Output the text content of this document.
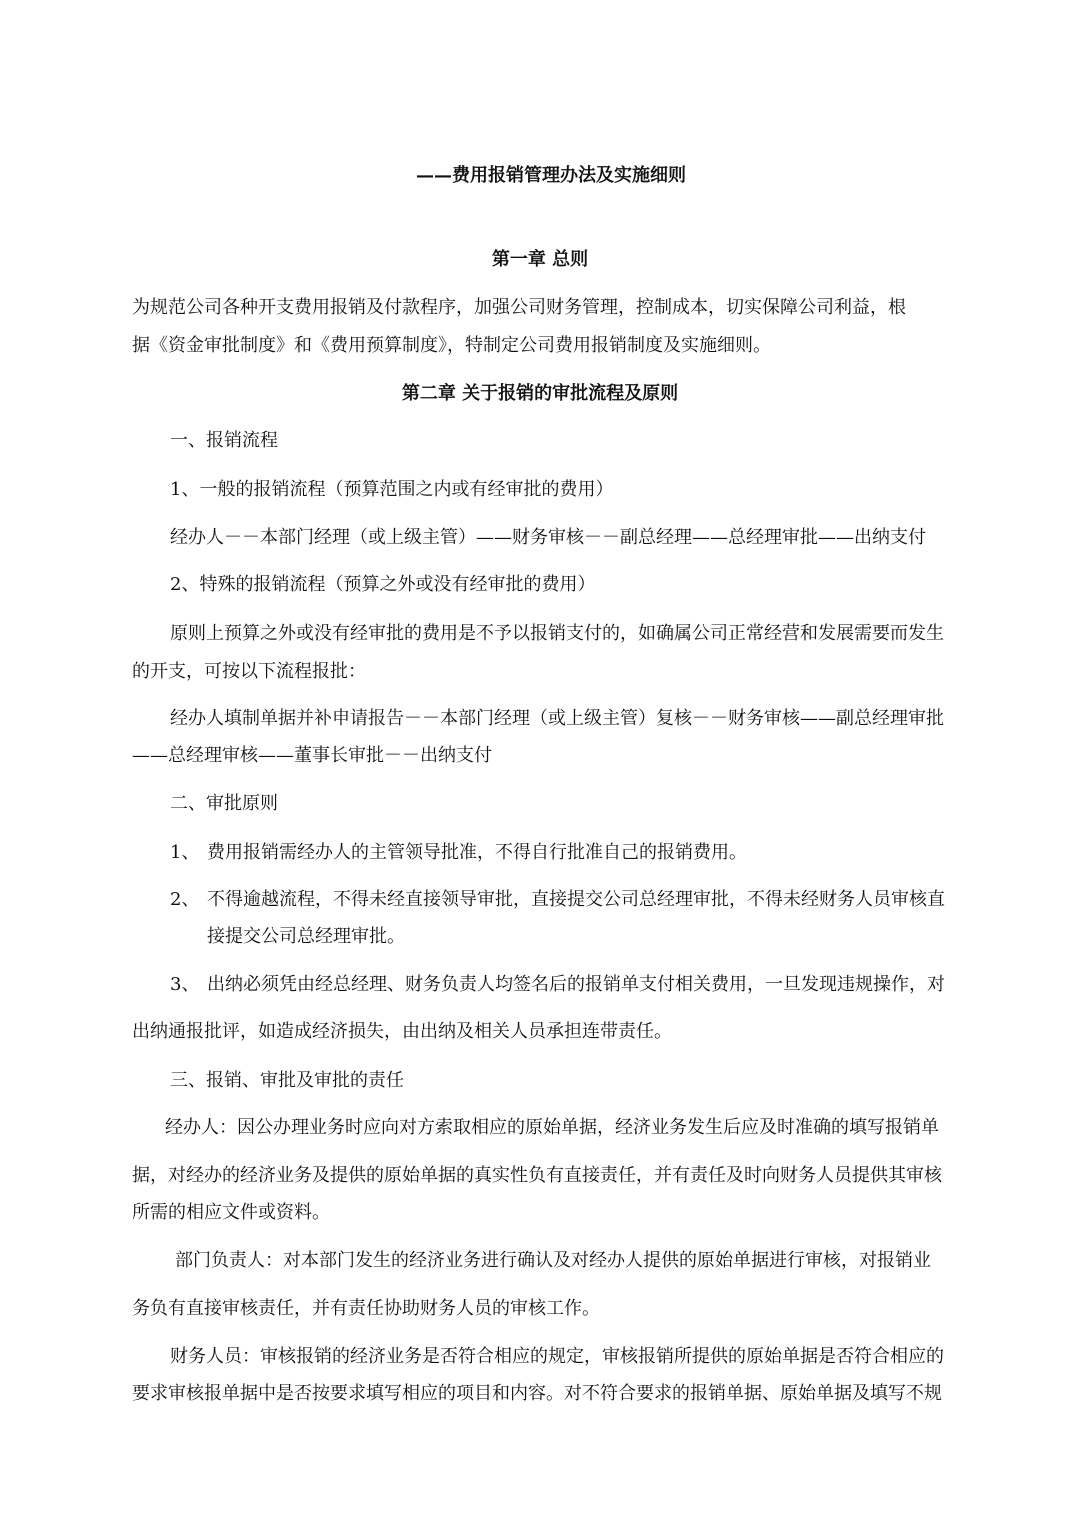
——费用报销管理办法及实施细则

第一章 总则

为规范公司各种开支费用报销及付款程序，加强公司财务管理，控制成本，切实保障公司利益，根

据《资金审批制度》和《费用预算制度》，特制定公司费用报销制度及实施细则。

第二章 关于报销的审批流程及原则

一、报销流程

1、一般的报销流程（预算范围之内或有经审批的费用）

经办人－－本部门经理（或上级主管）——财务审核－－副总经理——总经理审批——出纳支付

2、特殊的报销流程（预算之外或没有经审批的费用）

原则上预算之外或没有经审批的费用是不予以报销支付的，如确属公司正常经营和发展需要而发生

的开支，可按以下流程报批：

经办人填制单据并补申请报告－－本部门经理（或上级主管）复核－－财务审核——副总经理审批

——总经理审核——董事长审批－－出纳支付

二、审批原则

1、 费用报销需经办人的主管领导批准，不得自行批准自己的报销费用。

2、 不得逾越流程，不得未经直接领导审批，直接提交公司总经理审批，不得未经财务人员审核直

接提交公司总经理审批。

3、 出纳必须凭由经总经理、财务负责人均签名后的报销单支付相关费用，一旦发现违规操作，对

出纳通报批评，如造成经济损失，由出纳及相关人员承担连带责任。

三、报销、审批及审批的责任

经办人：因公办理业务时应向对方索取相应的原始单据，经济业务发生后应及时准确的填写报销单

据，对经办的经济业务及提供的原始单据的真实性负有直接责任，并有责任及时向财务人员提供其审核

所需的相应文件或资料。

部门负责人：对本部门发生的经济业务进行确认及对经办人提供的原始单据进行审核，对报销业

务负有直接审核责任，并有责任协助财务人员的审核工作。

财务人员：审核报销的经济业务是否符合相应的规定，审核报销所提供的原始单据是否符合相应的

要求审核报单据中是否按要求填写相应的项目和内容。对不符合要求的报销单据、原始单据及填写不规
